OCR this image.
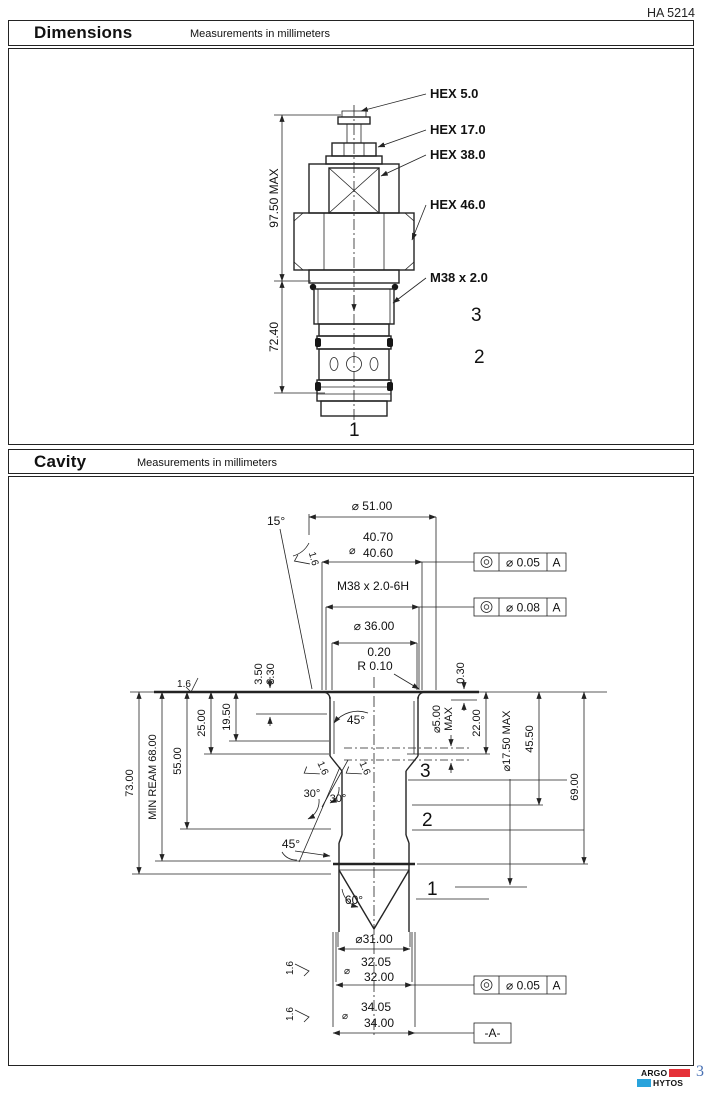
HA 5214
Dimensions	Measurements in millimeters
97.50 MAX
72.40
HEX 5.0
HEX 17.0
HEX 38.0
HEX 46.0
M38 x 2.0
3
2
1
Cavity	Measurements in millimeters
⌀ 51.00
15°
1.6	⌀
40.70
40.60
M38 x 2.0-6H
⌀ 36.00
0.20
R 0.10
⌀ 0.05 A
⌀ 0.08 A
1.6	3.50 3.30
19.50
25.00
55.00
MIN REAM 68.00
73.00
0.30
⌀5.00 MAX 22.00 ⌀17.50 MAX 45.50
69.00
45°
30° 30°
1.6	1.6
45°
60°
3
2
1
⌀31.00
⌀
32.05
32.00
1.6
⌀
34.05
34.00
1.6
⌀ 0.05 A
-A-
ARGO
HYTOS
3
